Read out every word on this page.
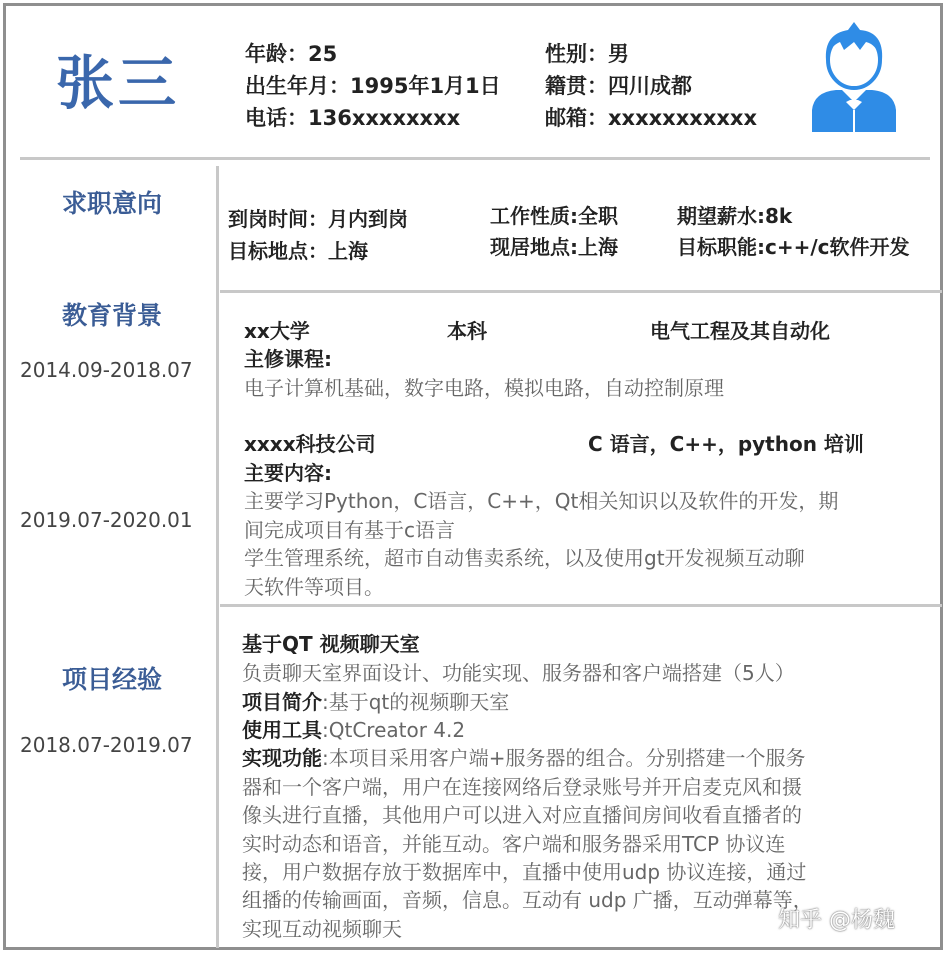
张三	年龄：25	性别：男
出生年月：1995年1月1日 籍贯：四川成都
电话：136xxxxxxxx	邮箱：xxxxxxxxxxx
求职意向
教育背景
2014.09-2018.07
2019.07-2020.01
项目经验
2018.07-2019.07
到岗时间：月内到岗	工作性质:全职	期望薪水:8k
目标地点：上海	现居地点:上海	目标职能:c++/c软件开发
xx大学	本科	电气工程及其自动化
主修课程:
电子计算机基础，数字电路，模拟电路，自动控制原理
xxxx科技公司	C 语言，C++，python 培训
主要内容:
主要学习Python，C语言，C++，Qt相关知识以及软件的开发，期
间完成项目有基于c语言
学生管理系统，超市自动售卖系统，以及使用gt开发视频互动聊
天软件等项目。
基于QT 视频聊天室
负责聊天室界面设计、功能实现、服务器和客户端搭建（5人）
项目简介:基于qt的视频聊天室
使用工具:QtCreator 4.2
实现功能:本项目采用客户端+服务器的组合。分别搭建一个服务
器和一个客户端，用户在连接网络后登录账号并开启麦克风和摄
像头进行直播，其他用户可以进入对应直播间房间收看直播者的
实时动态和语音，并能互动。客户端和服务器采用TCP 协议连
接，用户数据存放于数据库中，直播中使用udp 协议连接，通过
组播的传输画面，音频，信息。互动有 udp 广播，互动弹幕等，
实现互动视频聊天	知乎 @杨魏
